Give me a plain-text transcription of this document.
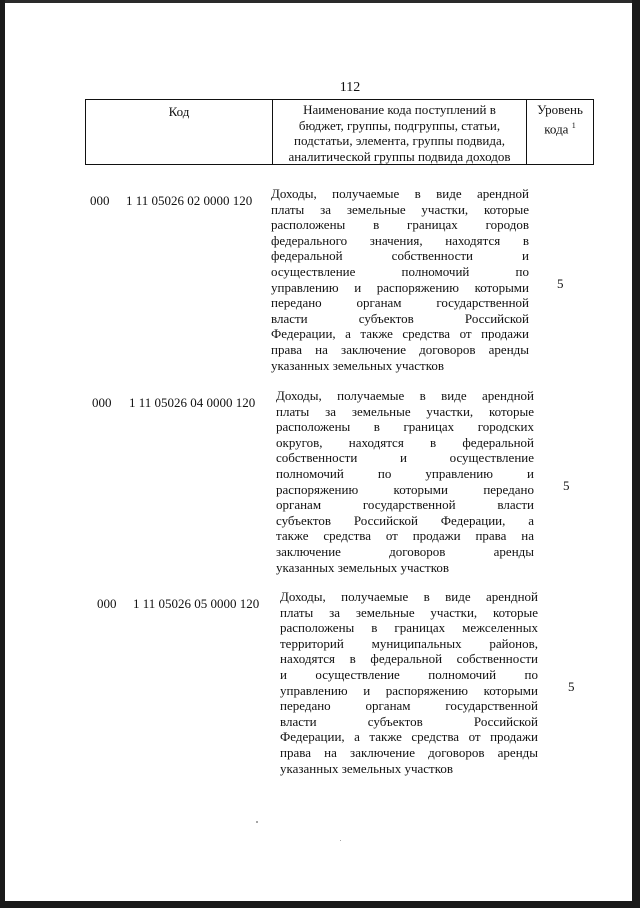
112
Код	Наименование кода поступлений в
бюджет, группы, подгруппы, статьи,
подстатьи, элемента, группы подвида,
аналитической группы подвида доходов
Уровень
кода $^1$
000 1 11 05026 02 0000 120 Доходы, получаемые в виде арендной
платы за земельные участки, которые
расположены в границах городов
федерального значения, находятся в
федеральной собственности и
осуществление полномочий по
управлению и распоряжению которыми
передано органам государственной
власти субъектов Российской
Федерации, а также средства от продажи
права на заключение договоров аренды
указанных земельных участков
5
000 1 11 05026 04 0000 120 Доходы, получаемые в виде арендной
платы за земельные участки, которые
расположены в границах городских
округов, находятся в федеральной
собственности и осуществление
полномочий по управлению и
распоряжению которыми передано
органам государственной власти
субъектов Российской Федерации, а
также средства от продажи права на
заключение договоров аренды
указанных земельных участков
5
000 1 11 05026 05 0000 120 Доходы, получаемые в виде арендной
платы за земельные участки, которые
расположены в границах межселенных
территорий муниципальных районов,
находятся в федеральной собственности
и осуществление полномочий по
управлению и распоряжению которыми
передано органам государственной
власти субъектов Российской
Федерации, а также средства от продажи
права на заключение договоров аренды
указанных земельных участков
5
